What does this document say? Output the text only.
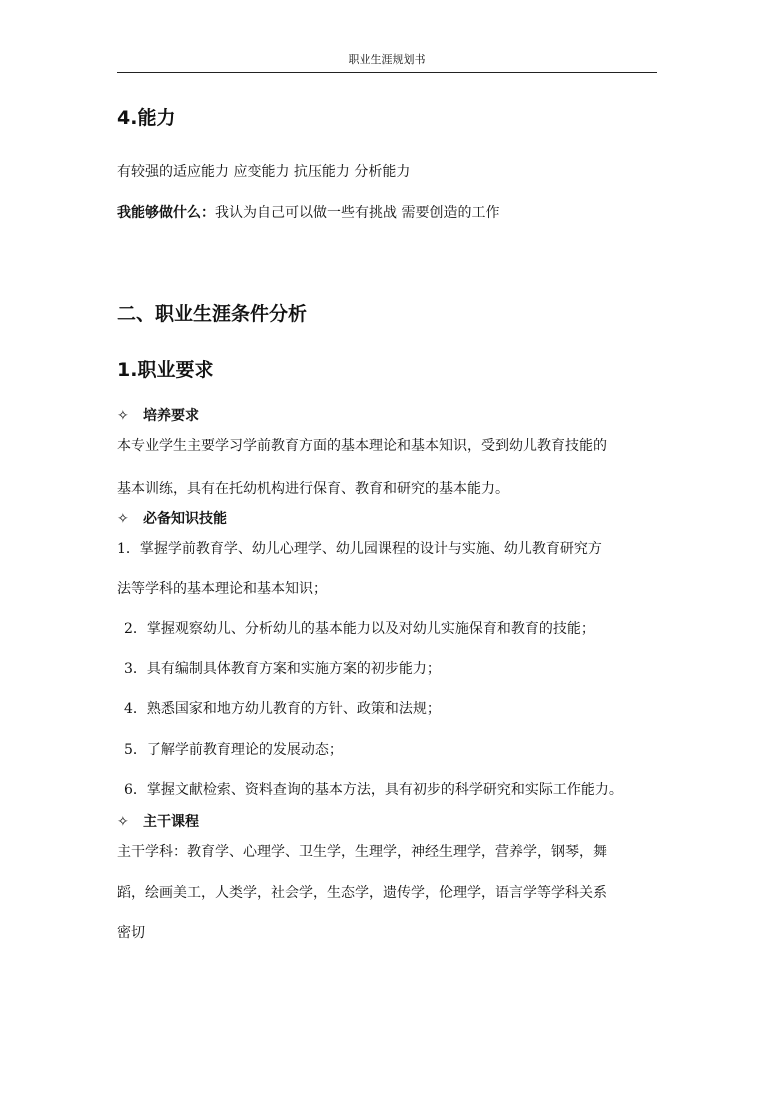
职业生涯规划书
4.能力
有较强的适应能力 应变能力 抗压能力 分析能力
我能够做什么：我认为自己可以做一些有挑战 需要创造的工作
二、职业生涯条件分析
1.职业要求
✧ 培养要求
本专业学生主要学习学前教育方面的基本理论和基本知识，受到幼儿教育技能的
基本训练，具有在托幼机构进行保育、教育和研究的基本能力。
✧ 必备知识技能
1．掌握学前教育学、幼儿心理学、幼儿园课程的设计与实施、幼儿教育研究方
法等学科的基本理论和基本知识；
2．掌握观察幼儿、分析幼儿的基本能力以及对幼儿实施保育和教育的技能；
3．具有编制具体教育方案和实施方案的初步能力；
4．熟悉国家和地方幼儿教育的方针、政策和法规；
5．了解学前教育理论的发展动态；
6．掌握文献检索、资料查询的基本方法，具有初步的科学研究和实际工作能力。
✧ 主干课程
主干学科：教育学、心理学、卫生学，生理学，神经生理学，营养学，钢琴，舞
蹈，绘画美工，人类学，社会学，生态学，遗传学，伦理学，语言学等学科关系
密切
